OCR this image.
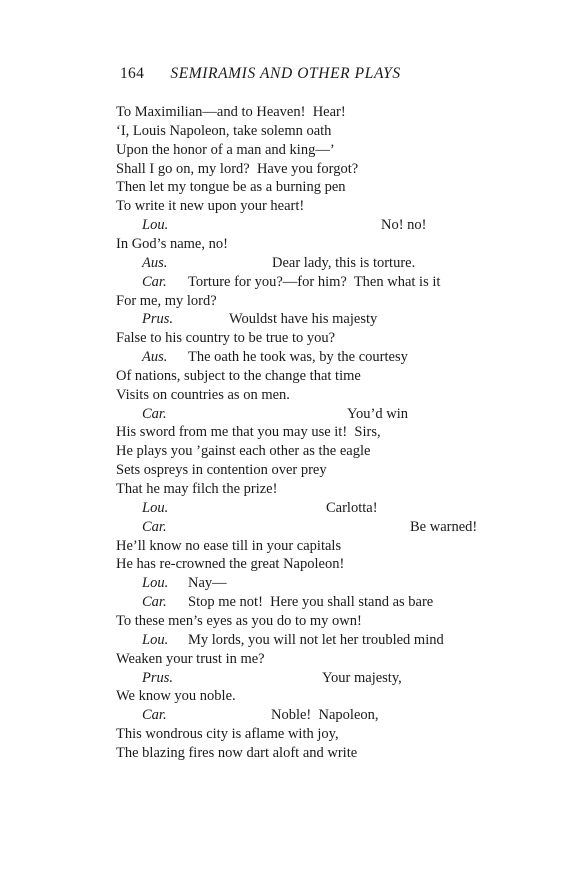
164 SEMIRAMIS AND OTHER PLAYS
To Maximilian—and to Heaven!  Hear!
‘I, Louis Napoleon, take solemn oath
Upon the honor of a man and king—’
Shall I go on, my lord?  Have you forgot?
Then let my tongue be as a burning pen
To write it new upon your heart!
Lou.	No! no!
In God’s name, no!
Aus.	Dear lady, this is torture.
Car. Torture for you?—for him?  Then what is it
For me, my lord?
Prus.	Wouldst have his majesty
False to his country to be true to you?
Aus. The oath he took was, by the courtesy
Of nations, subject to the change that time
Visits on countries as on men.
Car.	You’d win
His sword from me that you may use it!  Sirs,
He plays you ’gainst each other as the eagle
Sets ospreys in contention over prey
That he may filch the prize!
Lou.	Carlotta!
Car.	Be warned!
He’ll know no ease till in your capitals
He has re-crowned the great Napoleon!
Lou. Nay—
Car. Stop me not!  Here you shall stand as bare
To these men’s eyes as you do to my own!
Lou. My lords, you will not let her troubled mind
Weaken your trust in me?
Prus.	Your majesty,
We know you noble.
Car.	Noble!  Napoleon,
This wondrous city is aflame with joy,
The blazing fires now dart aloft and write
